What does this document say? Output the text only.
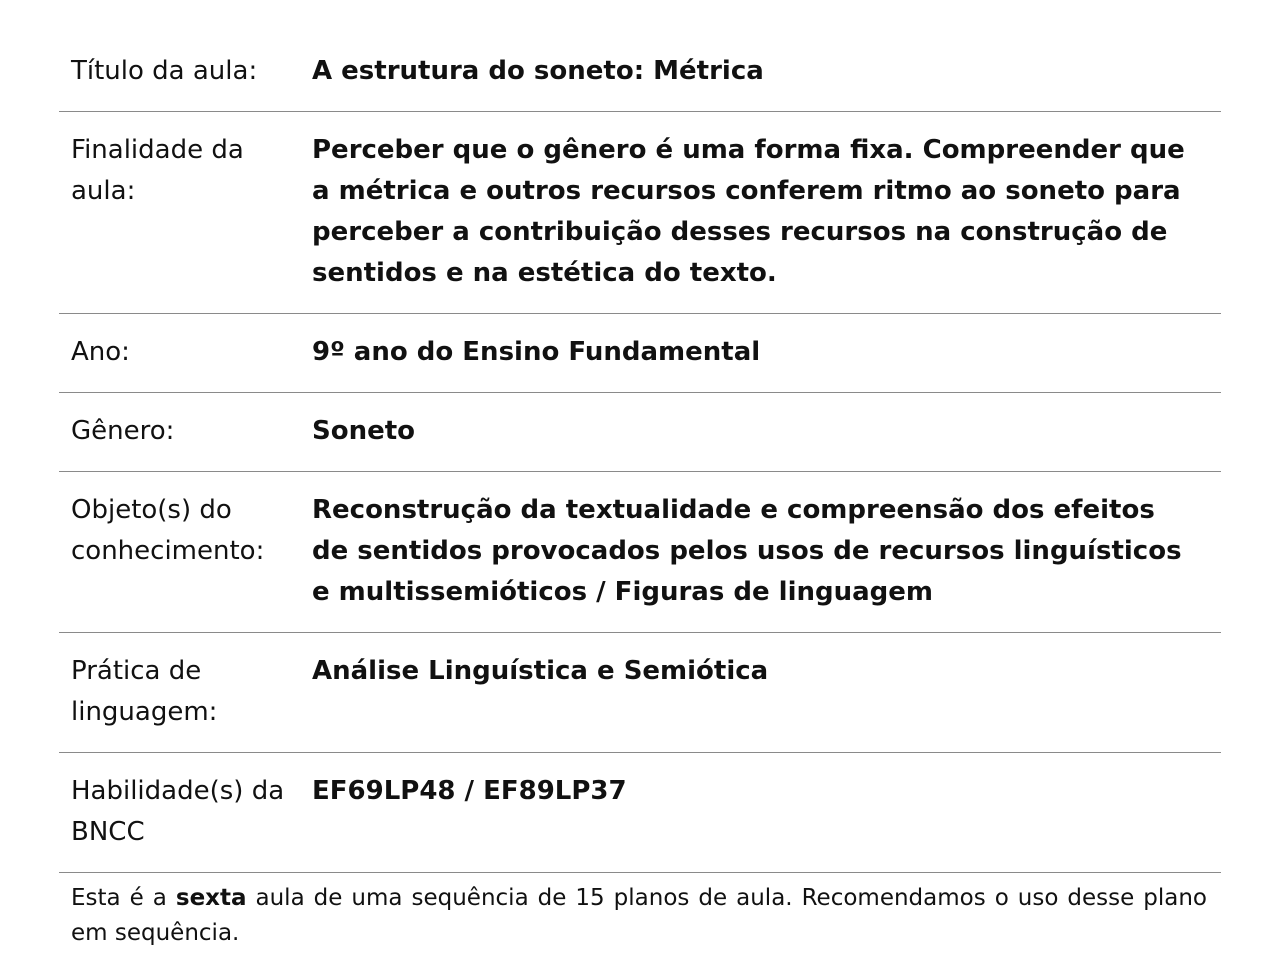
Título da aula:	A estrutura do soneto: Métrica
Finalidade da aula:	Perceber que o gênero é uma forma fixa. Compreender que a métrica e outros recursos conferem ritmo ao soneto para perceber a contribuição desses recursos na construção de sentidos e na estética do texto.
Ano:	9º ano do Ensino Fundamental
Gênero:	Soneto
Objeto(s) do conhecimento:	Reconstrução da textualidade e compreensão dos efeitos de sentidos provocados pelos usos de recursos linguísticos e multissemióticos / Figuras de linguagem
Prática de linguagem:	Análise Linguística e Semiótica
Habilidade(s) da BNCC	EF69LP48 / EF89LP37
Esta é a sexta aula de uma sequência de 15 planos de aula. Recomendamos o uso desse plano em sequência.
